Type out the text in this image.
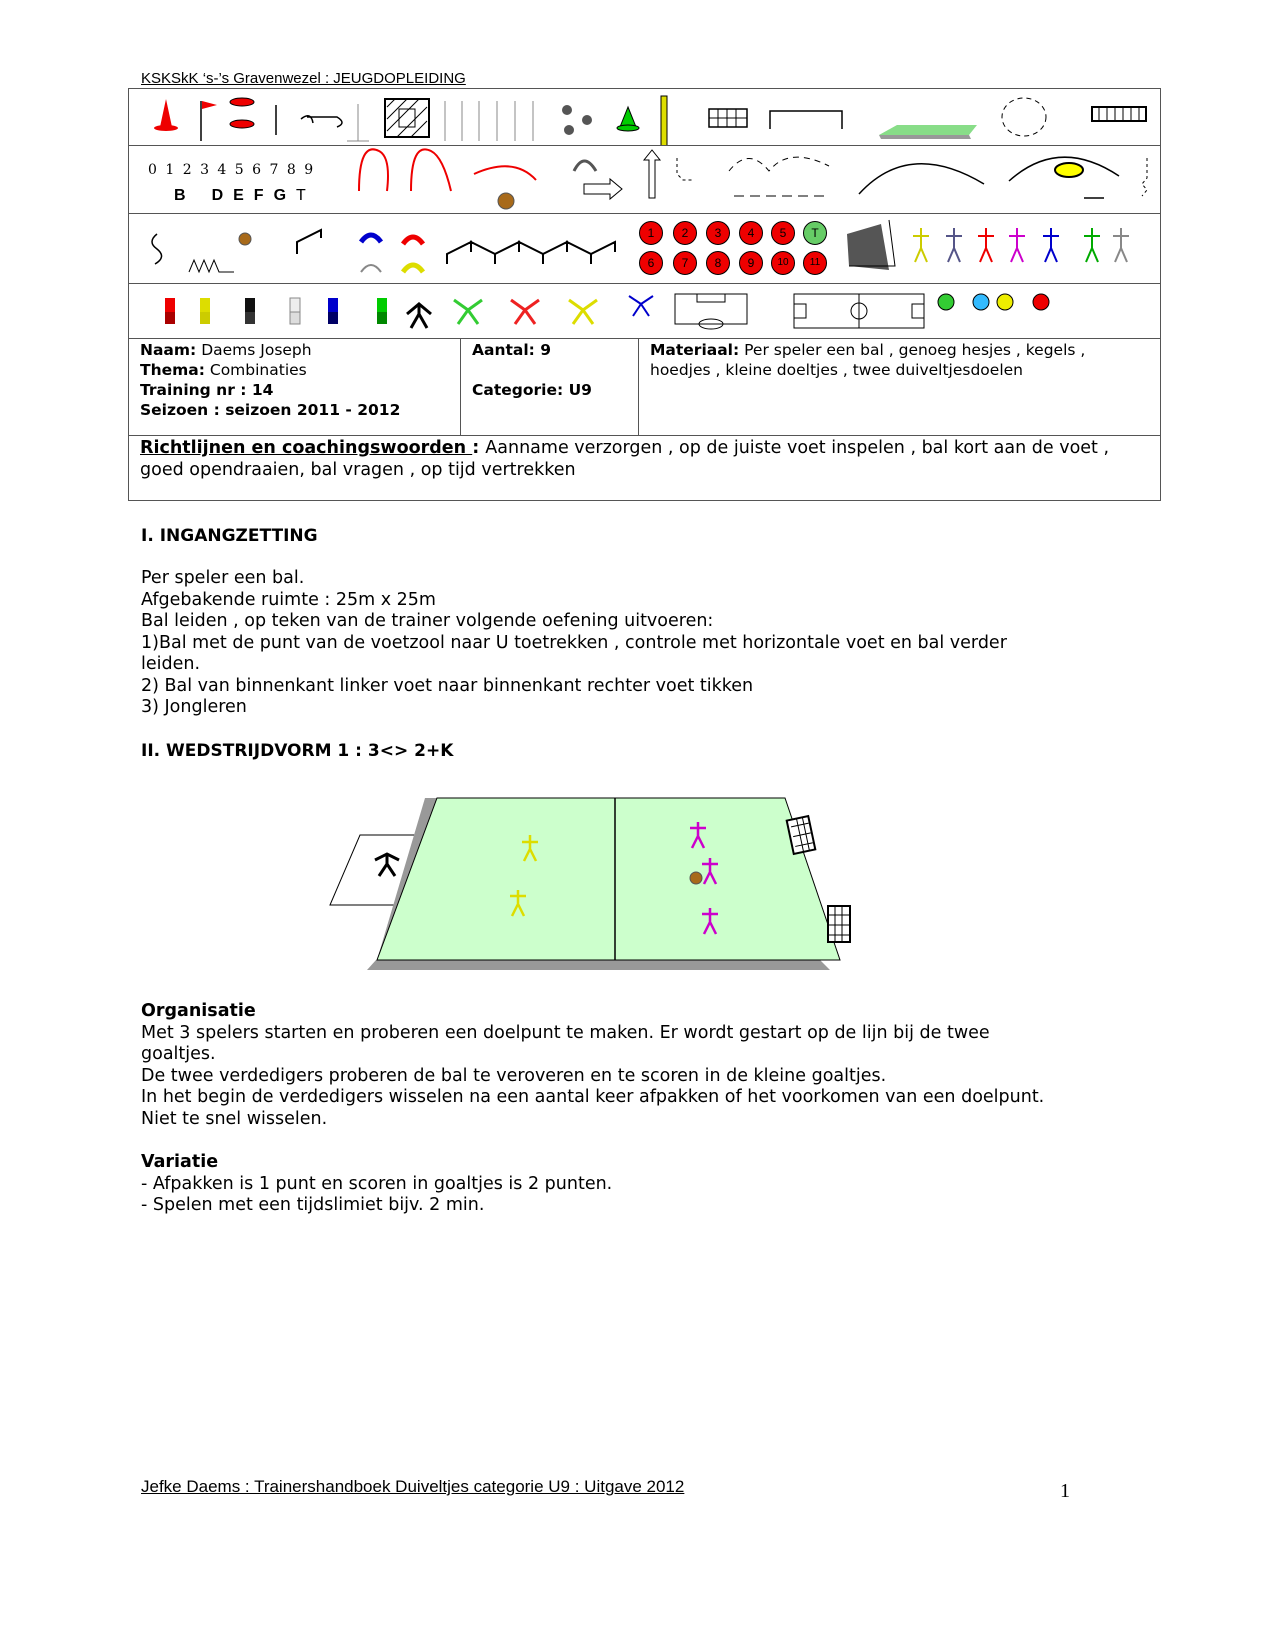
KSKSkK ‘s-’s Gravenwezel : JEUGDOPLEIDING
0 1 2 3 4 5 6 7 8 9
B D E F G T
1	2	3	4	5	T
6	7	8	9	10	11
Naam: Daems Joseph
Thema: Combinaties
Training nr : 14
Seizoen : seizoen 2011 - 2012
Aantal: 9
Categorie: U9
Materiaal: Per speler een bal , genoeg hesjes , kegels , hoedjes , kleine doeltjes , twee duiveltjesdoelen
Richtlijnen en coachingswoorden : Aanname verzorgen , op de juiste voet inspelen , bal kort aan de voet , goed opendraaien, bal vragen , op tijd vertrekken
I. INGANGZETTING
Per speler een bal.
Afgebakende ruimte : 25m x 25m
Bal leiden , op teken van de trainer volgende oefening uitvoeren:
1)Bal met de punt van de voetzool naar U toetrekken , controle met horizontale voet en bal verder leiden.
2) Bal van binnenkant linker voet naar binnenkant rechter voet tikken
3) Jongleren
II. WEDSTRIJDVORM 1 : 3<> 2+K
Organisatie
Met 3 spelers starten en proberen een doelpunt te maken. Er wordt gestart op de lijn bij de twee goaltjes.
De twee verdedigers proberen de bal te veroveren en te scoren in de kleine goaltjes.
In het begin de verdedigers wisselen na een aantal keer afpakken of het voorkomen van een doelpunt.
Niet te snel wisselen.
Variatie
- Afpakken is 1 punt en scoren in goaltjes is 2 punten.
- Spelen met een tijdslimiet bijv. 2 min.
Jefke Daems : Trainershandboek Duiveltjes categorie U9 : Uitgave 2012	1
